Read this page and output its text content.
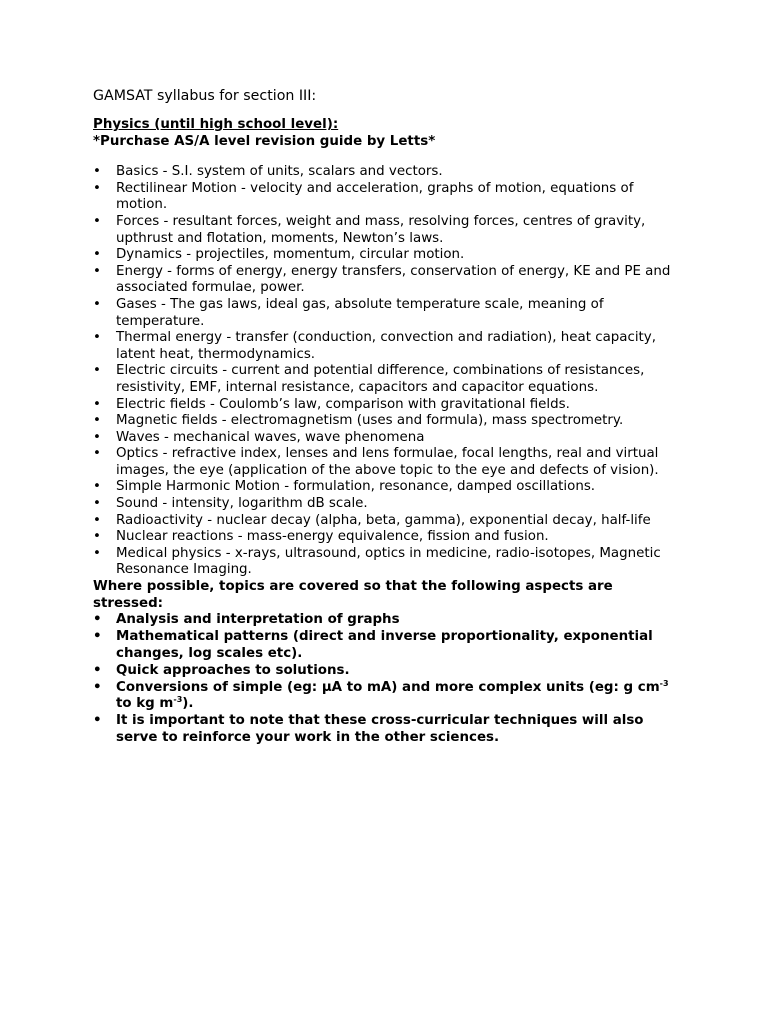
GAMSAT syllabus for section III:
Physics (until high school level):
*Purchase AS/A level revision guide by Letts*
• Basics - S.I. system of units, scalars and vectors.
• Rectilinear Motion - velocity and acceleration, graphs of motion, equations of motion.
• Forces - resultant forces, weight and mass, resolving forces, centres of gravity, upthrust and flotation, moments, Newton’s laws.
• Dynamics - projectiles, momentum, circular motion.
• Energy - forms of energy, energy transfers, conservation of energy, KE and PE and associated formulae, power.
• Gases - The gas laws, ideal gas, absolute temperature scale, meaning of temperature.
• Thermal energy - transfer (conduction, convection and radiation), heat capacity, latent heat, thermodynamics.
• Electric circuits - current and potential difference, combinations of resistances, resistivity, EMF, internal resistance, capacitors and capacitor equations.
• Electric fields - Coulomb’s law, comparison with gravitational fields.
• Magnetic fields - electromagnetism (uses and formula), mass spectrometry.
• Waves - mechanical waves, wave phenomena
• Optics - refractive index, lenses and lens formulae, focal lengths, real and virtual images, the eye (application of the above topic to the eye and defects of vision).
• Simple Harmonic Motion - formulation, resonance, damped oscillations.
• Sound - intensity, logarithm dB scale.
• Radioactivity - nuclear decay (alpha, beta, gamma), exponential decay, half-life
• Nuclear reactions - mass-energy equivalence, fission and fusion.
• Medical physics - x-rays, ultrasound, optics in medicine, radio-isotopes, Magnetic Resonance Imaging.
Where possible, topics are covered so that the following aspects are stressed:
• Analysis and interpretation of graphs
• Mathematical patterns (direct and inverse proportionality, exponential changes, log scales etc).
• Quick approaches to solutions.
• Conversions of simple (eg: µA to mA) and more complex units (eg: g $cm^{-3}$ to kg $m^{-3}$).
• It is important to note that these cross-curricular techniques will also serve to reinforce your work in the other sciences.
